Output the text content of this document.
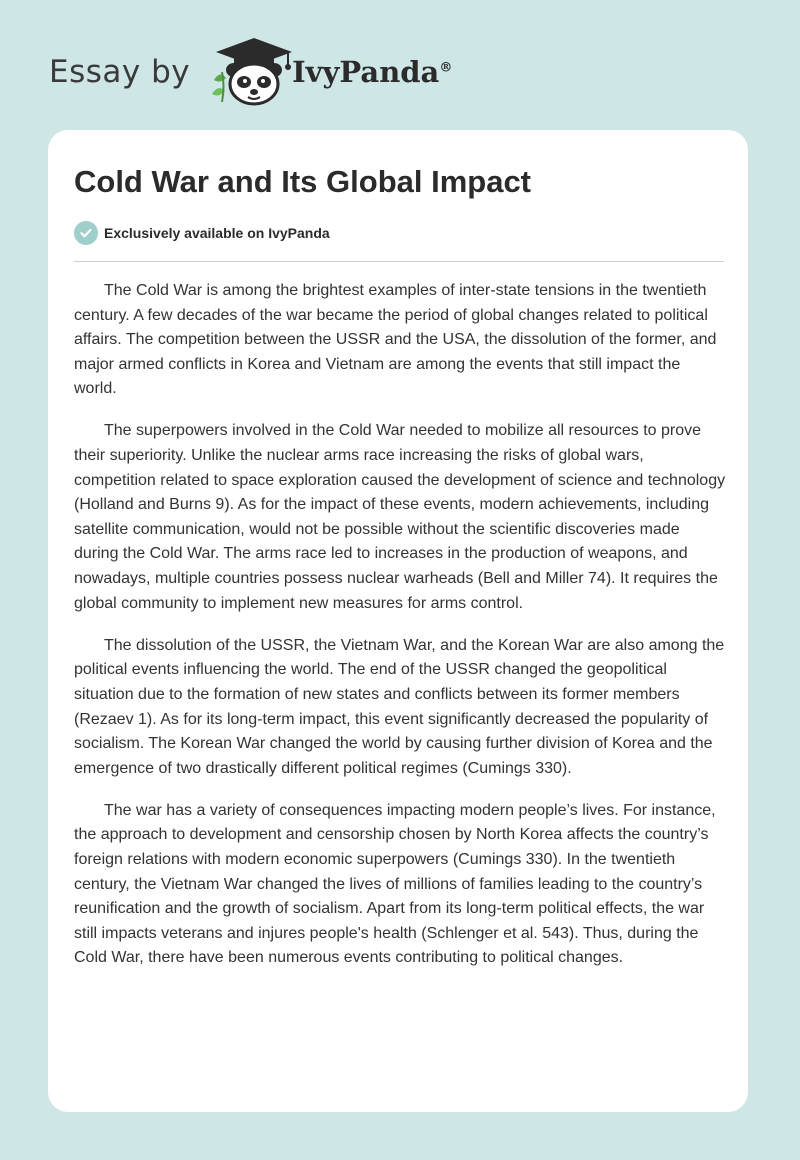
Essay by	IvyPanda®
Cold War and Its Global Impact
Exclusively available on IvyPanda

The Cold War is among the brightest examples of inter-state tensions in the twentieth century. A few decades of the war became the period of global changes related to political affairs. The competition between the USSR and the USA, the dissolution of the former, and major armed conflicts in Korea and Vietnam are among the events that still impact the world.

The superpowers involved in the Cold War needed to mobilize all resources to prove their superiority. Unlike the nuclear arms race increasing the risks of global wars, competition related to space exploration caused the development of science and technology (Holland and Burns 9). As for the impact of these events, modern achievements, including satellite communication, would not be possible without the scientific discoveries made during the Cold War. The arms race led to increases in the production of weapons, and nowadays, multiple countries possess nuclear warheads (Bell and Miller 74). It requires the global community to implement new measures for arms control.

The dissolution of the USSR, the Vietnam War, and the Korean War are also among the political events influencing the world. The end of the USSR changed the geopolitical situation due to the formation of new states and conflicts between its former members (Rezaev 1). As for its long-term impact, this event significantly decreased the popularity of socialism. The Korean War changed the world by causing further division of Korea and the emergence of two drastically different political regimes (Cumings 330).

The war has a variety of consequences impacting modern people’s lives. For instance, the approach to development and censorship chosen by North Korea affects the country’s foreign relations with modern economic superpowers (Cumings 330). In the twentieth century, the Vietnam War changed the lives of millions of families leading to the country’s reunification and the growth of socialism. Apart from its long-term political effects, the war still impacts veterans and injures people's health (Schlenger et al. 543). Thus, during the Cold War, there have been numerous events contributing to political changes.
